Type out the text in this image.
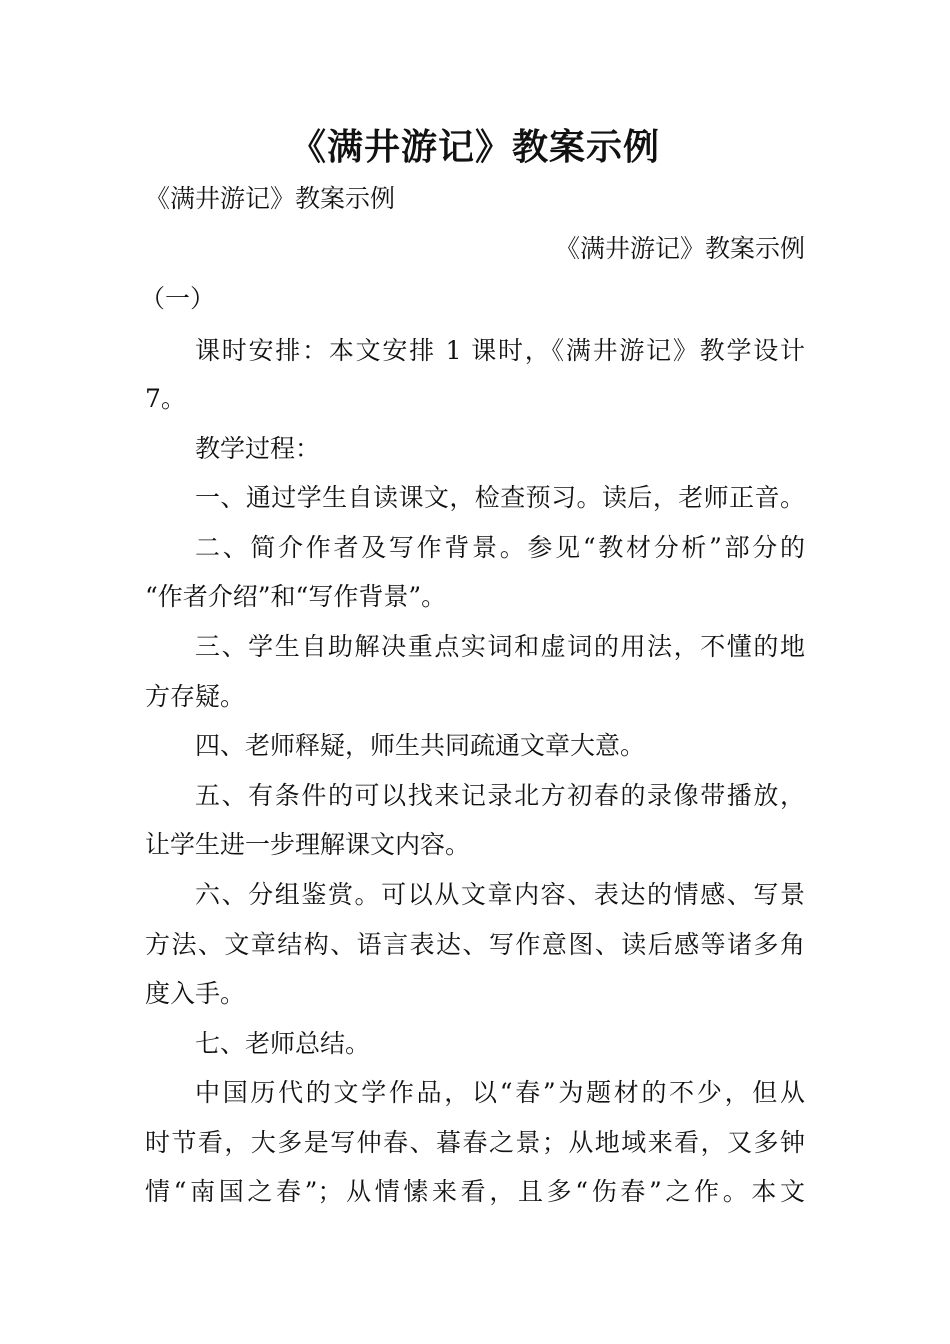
《满井游记》教案示例
《满井游记》教案示例
《满井游记》教案示例
（一）
课时安排：本文安排 1 课时，《满井游记》教学设计
7。
教学过程：
一、通过学生自读课文，检查预习。读后，老师正音。
二、简介作者及写作背景。参见“教材分析”部分的
“作者介绍”和“写作背景”。
三、学生自助解决重点实词和虚词的用法，不懂的地
方存疑。
四、老师释疑，师生共同疏通文章大意。
五、有条件的可以找来记录北方初春的录像带播放，
让学生进一步理解课文内容。
六、分组鉴赏。可以从文章内容、表达的情感、写景
方法、文章结构、语言表达、写作意图、读后感等诸多角
度入手。
七、老师总结。
中国历代的文学作品，以“春”为题材的不少，但从
时节看，大多是写仲春、暮春之景；从地域来看，又多钟
情“南国之春”；从情愫来看，且多“伤春”之作。本文
